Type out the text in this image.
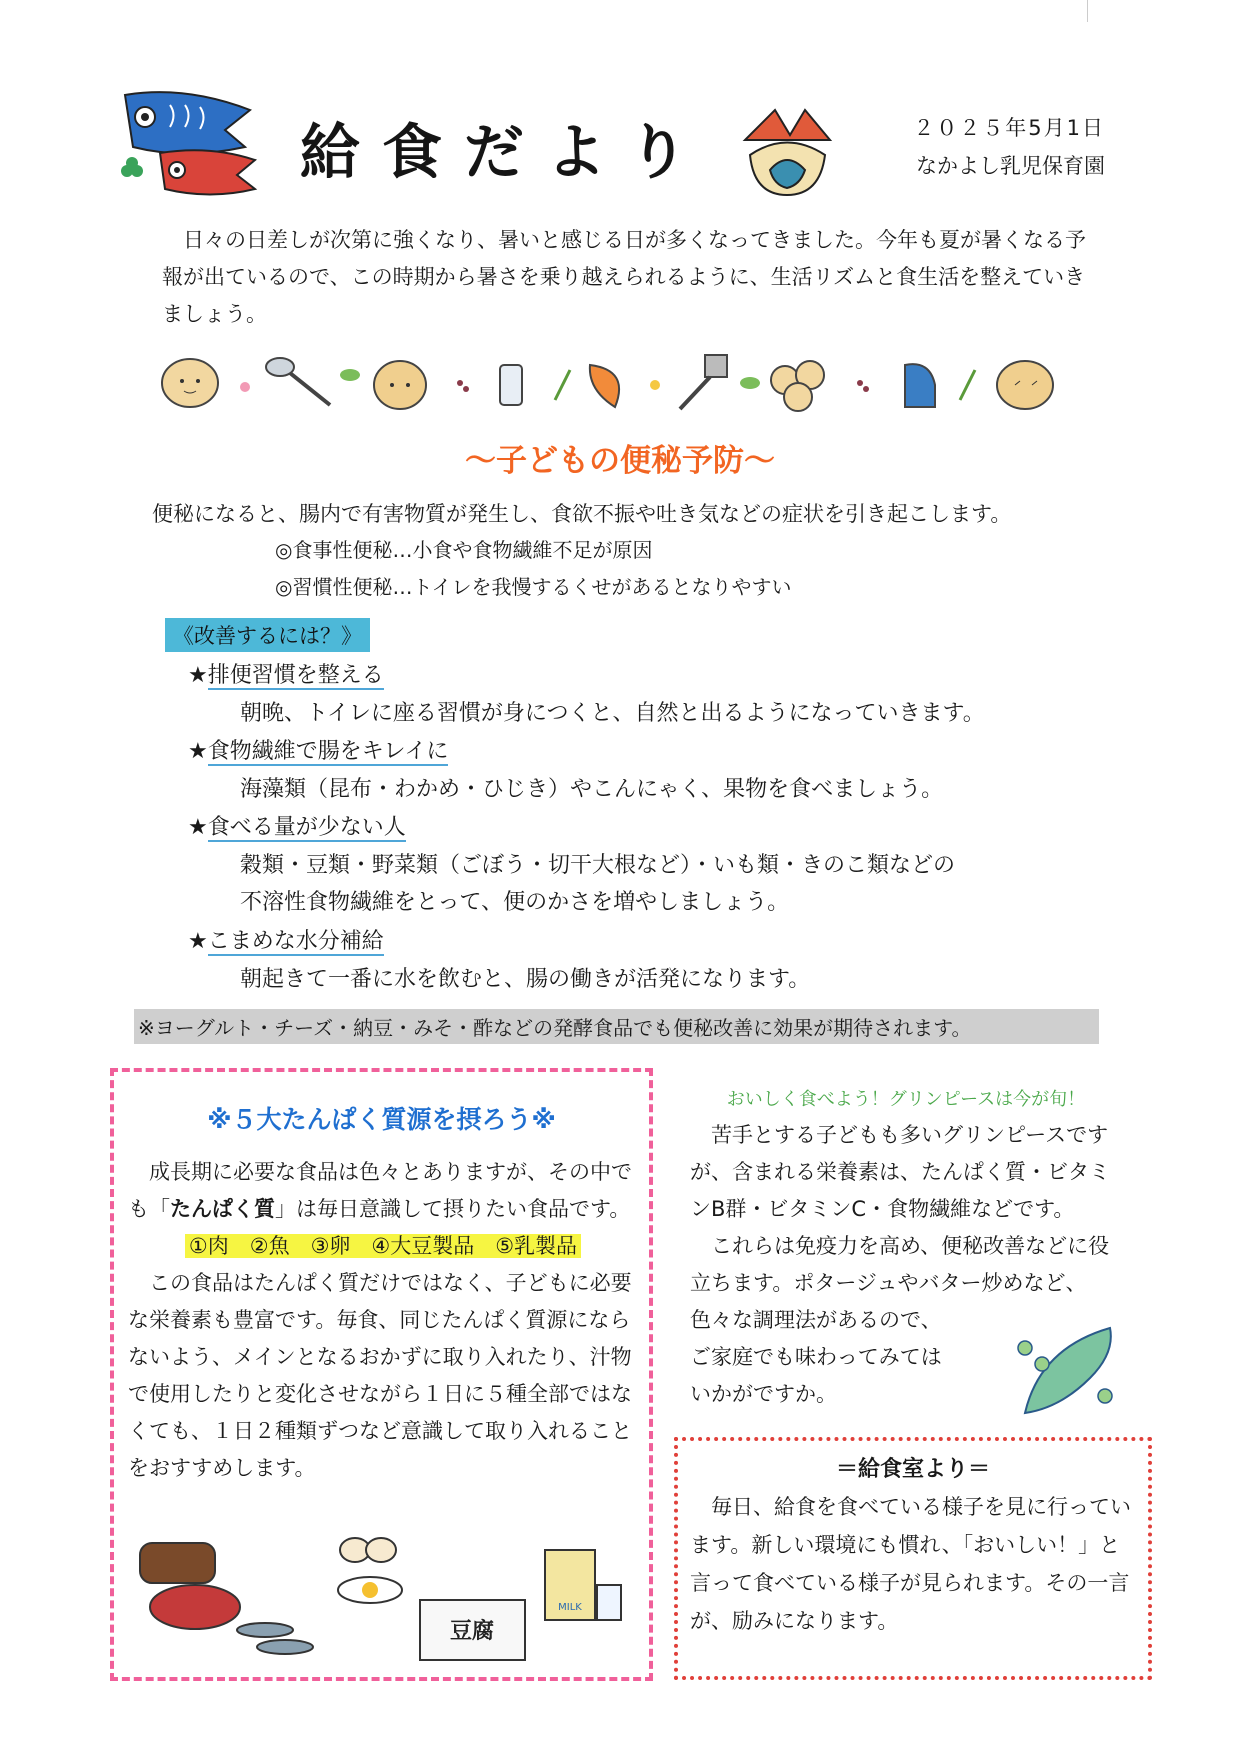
給食だより	２０２５年5月1日
なかよし乳児保育園
日々の日差しが次第に強くなり、暑いと感じる日が多くなってきました。今年も夏が暑くなる予報が出ているので、この時期から暑さを乗り越えられるように、生活リズムと食生活を整えていきましょう。
～子どもの便秘予防～
便秘になると、腸内で有害物質が発生し、食欲不振や吐き気などの症状を引き起こします。
◎食事性便秘…小食や食物繊維不足が原因
◎習慣性便秘…トイレを我慢するくせがあるとなりやすい
《改善するには？》
★排便習慣を整える
朝晩、トイレに座る習慣が身につくと、自然と出るようになっていきます。
★食物繊維で腸をキレイに
海藻類（昆布・わかめ・ひじき）やこんにゃく、果物を食べましょう。
★食べる量が少ない人
穀類・豆類・野菜類（ごぼう・切干大根など）・いも類・きのこ類などの
不溶性食物繊維をとって、便のかさを増やしましょう。
★こまめな水分補給
朝起きて一番に水を飲むと、腸の働きが活発になります。
※ヨーグルト・チーズ・納豆・みそ・酢などの発酵食品でも便秘改善に効果が期待されます。
※５大たんぱく質源を摂ろう※
成長期に必要な食品は色々とありますが、その中でも「たんぱく質」は毎日意識して摂りたい食品です。
①肉　②魚　③卵　④大豆製品　⑤乳製品
この食品はたんぱく質だけではなく、子どもに必要な栄養素も豊富です。毎食、同じたんぱく質源にならないよう、メインとなるおかずに取り入れたり、汁物で使用したりと変化させながら１日に５種全部ではなくても、１日２種類ずつなど意識して取り入れることをおすすめします。
豆腐
MILK
おいしく食べよう！グリンピースは今が旬！
苦手とする子どもも多いグリンピースですが、含まれる栄養素は、たんぱく質・ビタミンB群・ビタミンC・食物繊維などです。
これらは免疫力を高め、便秘改善などに役立ちます。ポタージュやバター炒めなど、
色々な調理法があるので、
ご家庭でも味わってみては
いかがですか。
＝給食室より＝
毎日、給食を食べている様子を見に行っています。新しい環境にも慣れ、「おいしい！」と言って食べている様子が見られます。その一言が、励みになります。
